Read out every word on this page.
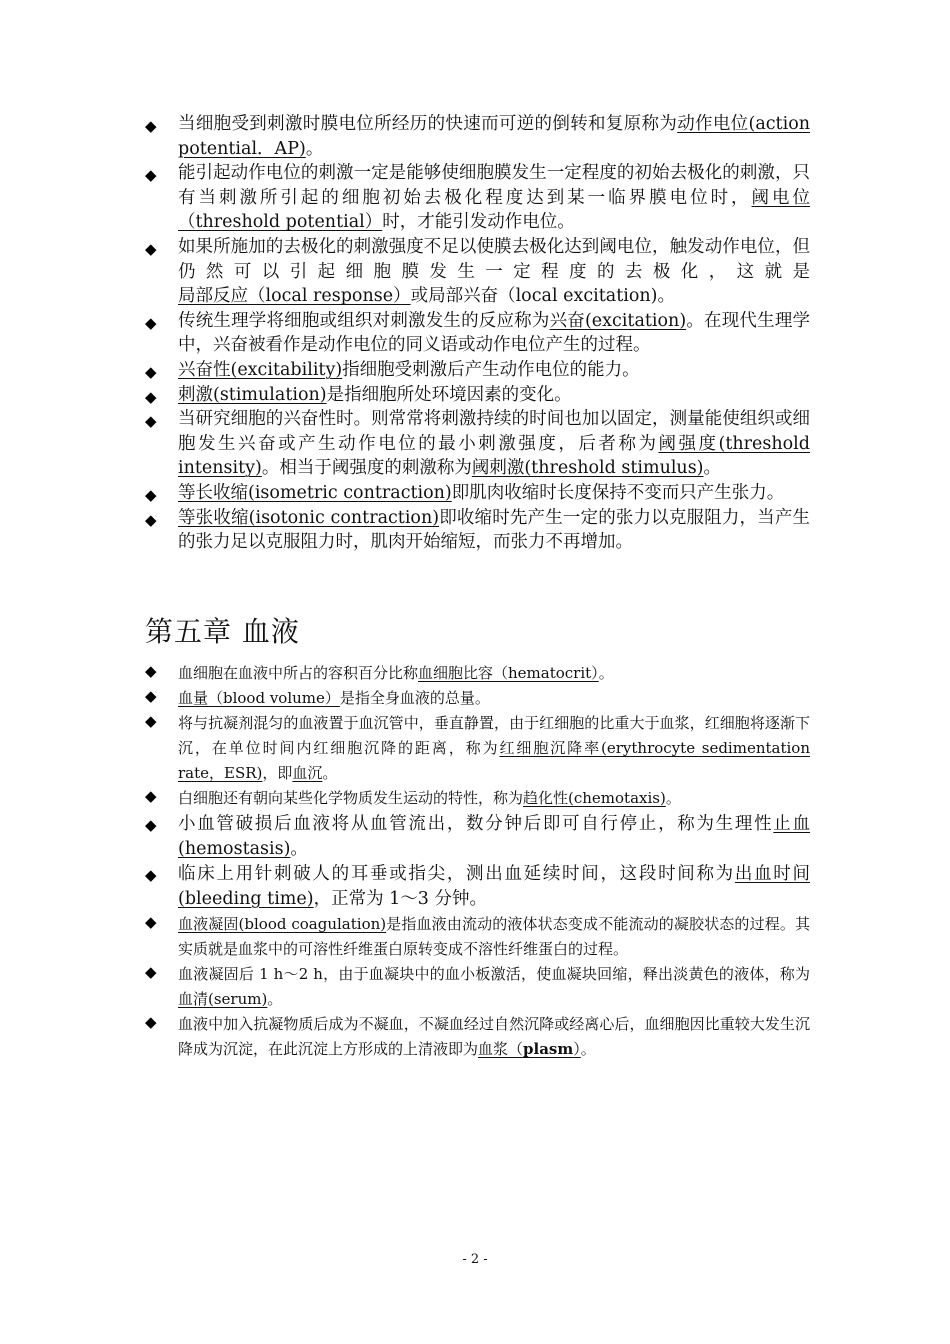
◆ 当细胞受到刺激时膜电位所经历的快速而可逆的倒转和复原称为动作电位(action potential．AP)。
◆ 能引起动作电位的刺激一定是能够使细胞膜发生一定程度的初始去极化的刺激，只有当刺激所引起的细胞初始去极化程度达到某一临界膜电位时，阈电位（threshold potential）时，才能引发动作电位。
◆ 如果所施加的去极化的刺激强度不足以使膜去极化达到阈电位，触发动作电位，但仍然可以引起细胞膜发生一定程度的去极化，这就是局部反应（local response）或局部兴奋（local excitation)。
◆ 传统生理学将细胞或组织对刺激发生的反应称为兴奋(excitation)。在现代生理学中，兴奋被看作是动作电位的同义语或动作电位产生的过程。
◆ 兴奋性(excitability)指细胞受刺激后产生动作电位的能力。
◆ 刺激(stimulation)是指细胞所处环境因素的变化。
◆ 当研究细胞的兴奋性时。则常常将刺激持续的时间也加以固定，测量能使组织或细胞发生兴奋或产生动作电位的最小刺激强度，后者称为阈强度(threshold intensity)。相当于阈强度的刺激称为阈刺激(threshold stimulus)。
◆ 等长收缩(isometric contraction)即肌肉收缩时长度保持不变而只产生张力。
◆ 等张收缩(isotonic contraction)即收缩时先产生一定的张力以克服阻力，当产生的张力足以克服阻力时，肌肉开始缩短，而张力不再增加。
第五章 血液
◆ 血细胞在血液中所占的容积百分比称血细胞比容（hematocrit）。
◆ 血量（blood volume）是指全身血液的总量。
◆ 将与抗凝剂混匀的血液置于血沉管中，垂直静置，由于红细胞的比重大于血浆，红细胞将逐渐下沉，在单位时间内红细胞沉降的距离，称为红细胞沉降率(erythrocyte sedimentation rate，ESR)，即血沉。
◆ 白细胞还有朝向某些化学物质发生运动的特性，称为趋化性(chemotaxis)。
◆ 小血管破损后血液将从血管流出，数分钟后即可自行停止，称为生理性止血(hemostasis)。
◆ 临床上用针刺破人的耳垂或指尖，测出血延续时间，这段时间称为出血时间(bleeding time)，正常为 1～3 分钟。
◆ 血液凝固(blood coagulation)是指血液由流动的液体状态变成不能流动的凝胶状态的过程。其实质就是血浆中的可溶性纤维蛋白原转变成不溶性纤维蛋白的过程。
◆ 血液凝固后 1 h～2 h，由于血凝块中的血小板激活，使血凝块回缩，释出淡黄色的液体，称为血清(serum)。
◆ 血液中加入抗凝物质后成为不凝血，不凝血经过自然沉降或经离心后，血细胞因比重较大发生沉降成为沉淀，在此沉淀上方形成的上清液即为血浆（plasm）。
- 2 -
